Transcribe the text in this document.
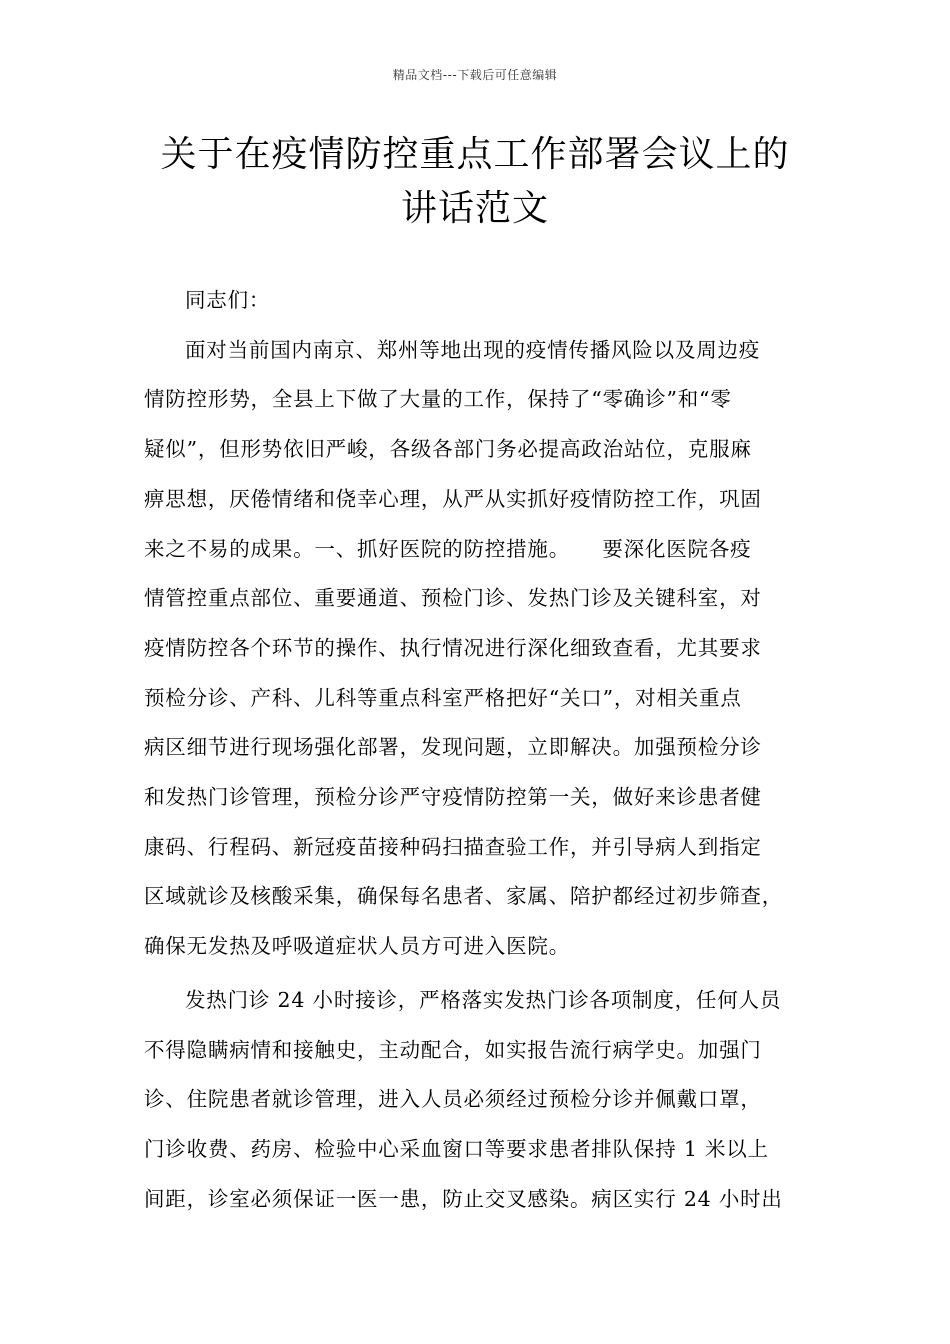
精品文档---下载后可任意编辑
关于在疫情防控重点工作部署会议上的
讲话范文
同志们：
面对当前国内南京、郑州等地出现的疫情传播风险以及周边疫
情防控形势，全县上下做了大量的工作，保持了“零确诊”和“零
疑似”，但形势依旧严峻，各级各部门务必提高政治站位，克服麻
痹思想，厌倦情绪和侥幸心理，从严从实抓好疫情防控工作，巩固
来之不易的成果。一、抓好医院的防控措施。　　要深化医院各疫
情管控重点部位、重要通道、预检门诊、发热门诊及关键科室，对
疫情防控各个环节的操作、执行情况进行深化细致查看，尤其要求
预检分诊、产科、儿科等重点科室严格把好“关口”，对相关重点
病区细节进行现场强化部署，发现问题，立即解决。加强预检分诊
和发热门诊管理，预检分诊严守疫情防控第一关，做好来诊患者健
康码、行程码、新冠疫苗接种码扫描查验工作，并引导病人到指定
区域就诊及核酸采集，确保每名患者、家属、陪护都经过初步筛查，
确保无发热及呼吸道症状人员方可进入医院。
发热门诊 24 小时接诊，严格落实发热门诊各项制度，任何人员
不得隐瞒病情和接触史，主动配合，如实报告流行病学史。加强门
诊、住院患者就诊管理，进入人员必须经过预检分诊并佩戴口罩，
门诊收费、药房、检验中心采血窗口等要求患者排队保持 1 米以上
间距，诊室必须保证一医一患，防止交叉感染。病区实行 24 小时出
